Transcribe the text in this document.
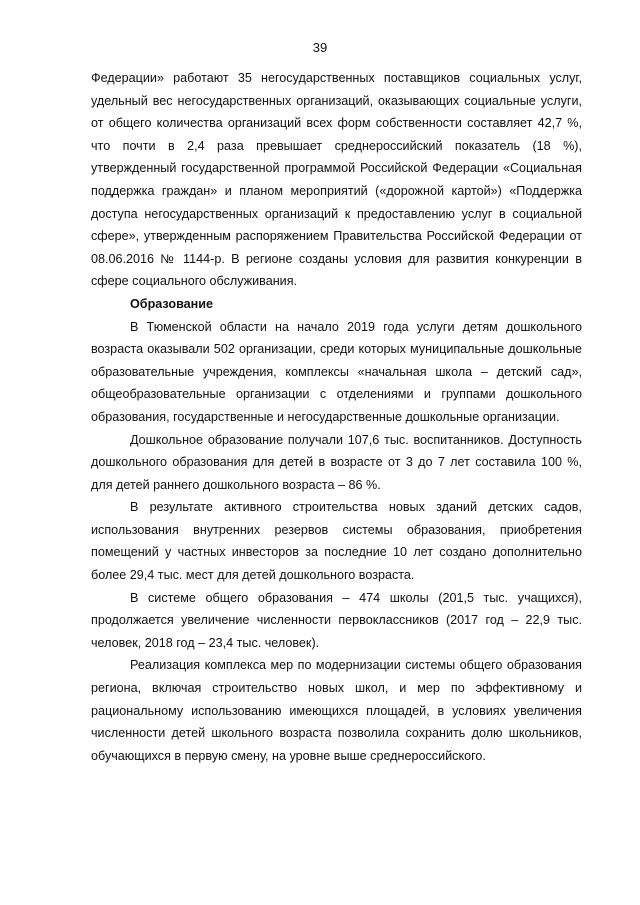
39

Федерации» работают 35 негосударственных поставщиков социальных услуг, удельный вес негосударственных организаций, оказывающих социальные услуги, от общего количества организаций всех форм собственности составляет 42,7 %, что почти в 2,4 раза превышает среднероссийский показатель (18 %), утвержденный государственной программой Российской Федерации «Социальная поддержка граждан» и планом мероприятий («дорожной картой») «Поддержка доступа негосударственных организаций к предоставлению услуг в социальной сфере», утвержденным распоряжением Правительства Российской Федерации от 08.06.2016 № 1144-р. В регионе созданы условия для развития конкуренции в сфере социального обслуживания.

Образование

В Тюменской области на начало 2019 года услуги детям дошкольного возраста оказывали 502 организации, среди которых муниципальные дошкольные образовательные учреждения, комплексы «начальная школа – детский сад», общеобразовательные организации с отделениями и группами дошкольного образования, государственные и негосударственные дошкольные организации.

Дошкольное образование получали 107,6 тыс. воспитанников. Доступность дошкольного образования для детей в возрасте от 3 до 7 лет составила 100 %, для детей раннего дошкольного возраста – 86 %.

В результате активного строительства новых зданий детских садов, использования внутренних резервов системы образования, приобретения помещений у частных инвесторов за последние 10 лет создано дополнительно более 29,4 тыс. мест для детей дошкольного возраста.

В системе общего образования – 474 школы (201,5 тыс. учащихся), продолжается увеличение численности первоклассников (2017 год – 22,9 тыс. человек, 2018 год – 23,4 тыс. человек).

Реализация комплекса мер по модернизации системы общего образования региона, включая строительство новых школ, и мер по эффективному и рациональному использованию имеющихся площадей, в условиях увеличения численности детей школьного возраста позволила сохранить долю школьников, обучающихся в первую смену, на уровне выше среднероссийского.
